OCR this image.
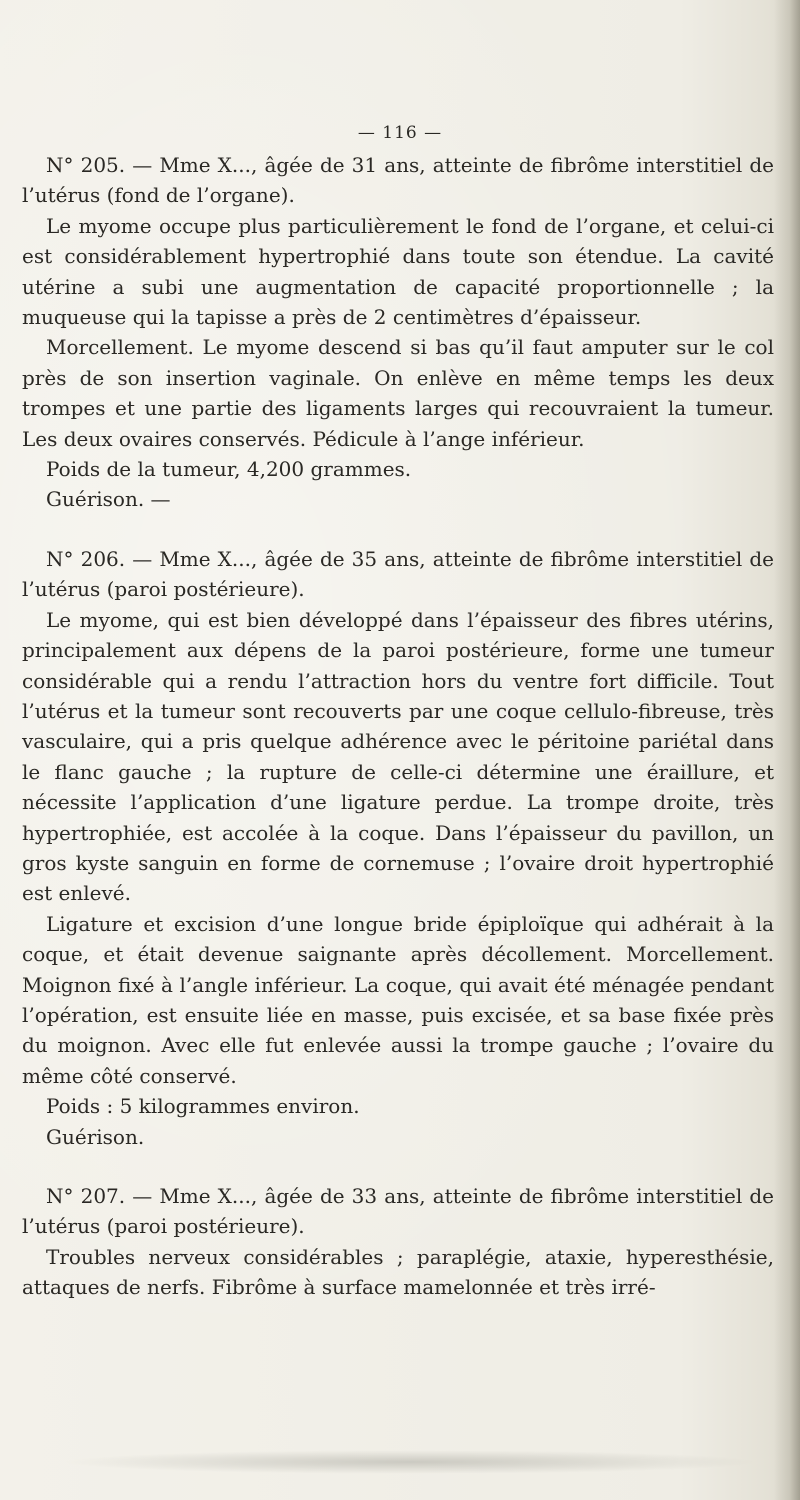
— 116 —

N° 205. — Mme X..., âgée de 31 ans, atteinte de fibrôme interstitiel de l’utérus (fond de l’organe).

Le myome occupe plus particulièrement le fond de l’organe, et celui-ci est considérablement hypertrophié dans toute son étendue. La cavité utérine a subi une augmentation de capacité proportionnelle ; la muqueuse qui la tapisse a près de 2 centimètres d’épaisseur.

Morcellement. Le myome descend si bas qu’il faut amputer sur le col près de son insertion vaginale. On enlève en même temps les deux trompes et une partie des ligaments larges qui recouvraient la tumeur. Les deux ovaires conservés. Pédicule à l’ange inférieur.

Poids de la tumeur, 4,200 grammes.

Guérison. —

N° 206. — Mme X..., âgée de 35 ans, atteinte de fibrôme interstitiel de l’utérus (paroi postérieure).

Le myome, qui est bien développé dans l’épaisseur des fibres utérins, principalement aux dépens de la paroi postérieure, forme une tumeur considérable qui a rendu l’attraction hors du ventre fort difficile. Tout l’utérus et la tumeur sont recouverts par une coque cellulo-fibreuse, très vasculaire, qui a pris quelque adhérence avec le péritoine pariétal dans le flanc gauche ; la rupture de celle-ci détermine une éraillure, et nécessite l’application d’une ligature perdue. La trompe droite, très hypertrophiée, est accolée à la coque. Dans l’épaisseur du pavillon, un gros kyste sanguin en forme de cornemuse ; l’ovaire droit hypertrophié est enlevé.

Ligature et excision d’une longue bride épiploïque qui adhérait à la coque, et était devenue saignante après décollement. Morcellement. Moignon fixé à l’angle inférieur. La coque, qui avait été ménagée pendant l’opération, est ensuite liée en masse, puis excisée, et sa base fixée près du moignon. Avec elle fut enlevée aussi la trompe gauche ; l’ovaire du même côté conservé.

Poids : 5 kilogrammes environ.

Guérison.

N° 207. — Mme X..., âgée de 33 ans, atteinte de fibrôme interstitiel de l’utérus (paroi postérieure).

Troubles nerveux considérables ; paraplégie, ataxie, hyperesthésie, attaques de nerfs. Fibrôme à surface mamelonnée et très irré-
